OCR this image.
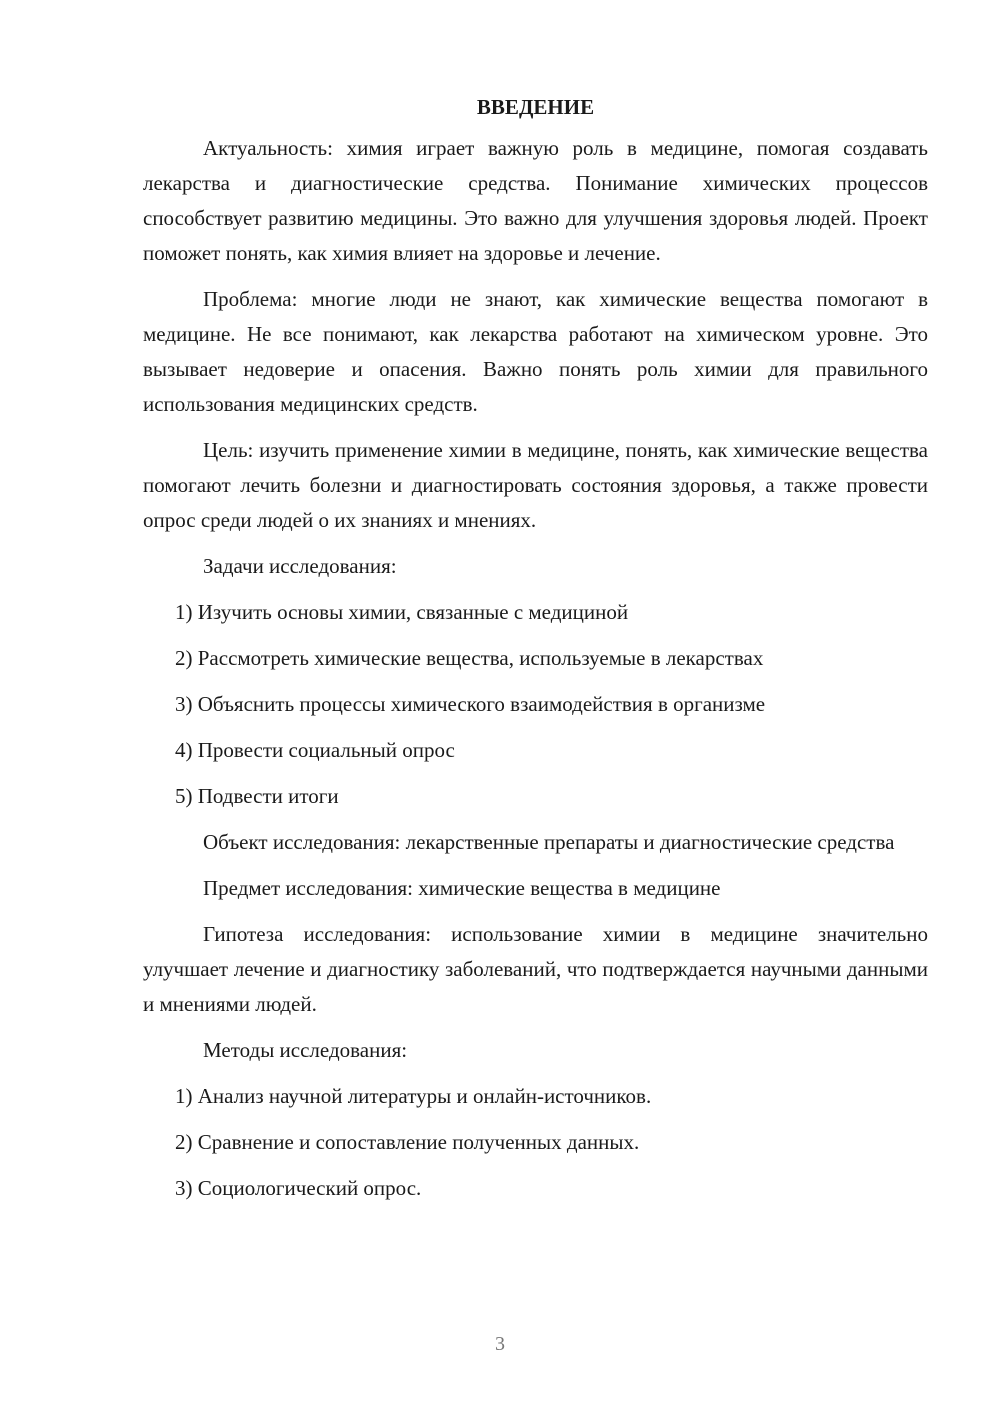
ВВЕДЕНИЕ

Актуальность: химия играет важную роль в медицине, помогая создавать лекарства и диагностические средства. Понимание химических процессов способствует развитию медицины. Это важно для улучшения здоровья людей. Проект поможет понять, как химия влияет на здоровье и лечение.

Проблема: многие люди не знают, как химические вещества помогают в медицине. Не все понимают, как лекарства работают на химическом уровне. Это вызывает недоверие и опасения. Важно понять роль химии для правильного использования медицинских средств.

Цель: изучить применение химии в медицине, понять, как химические вещества помогают лечить болезни и диагностировать состояния здоровья, а также провести опрос среди людей о их знаниях и мнениях.

Задачи исследования:

1) Изучить основы химии, связанные с медициной

2) Рассмотреть химические вещества, используемые в лекарствах

3) Объяснить процессы химического взаимодействия в организме

4) Провести социальный опрос

5) Подвести итоги

Объект исследования: лекарственные препараты и диагностические средства

Предмет исследования: химические вещества в медицине

Гипотеза исследования: использование химии в медицине значительно улучшает лечение и диагностику заболеваний, что подтверждается научными данными и мнениями людей.

Методы исследования:

1) Анализ научной литературы и онлайн-источников.

2) Сравнение и сопоставление полученных данных.

3) Социологический опрос.

3
